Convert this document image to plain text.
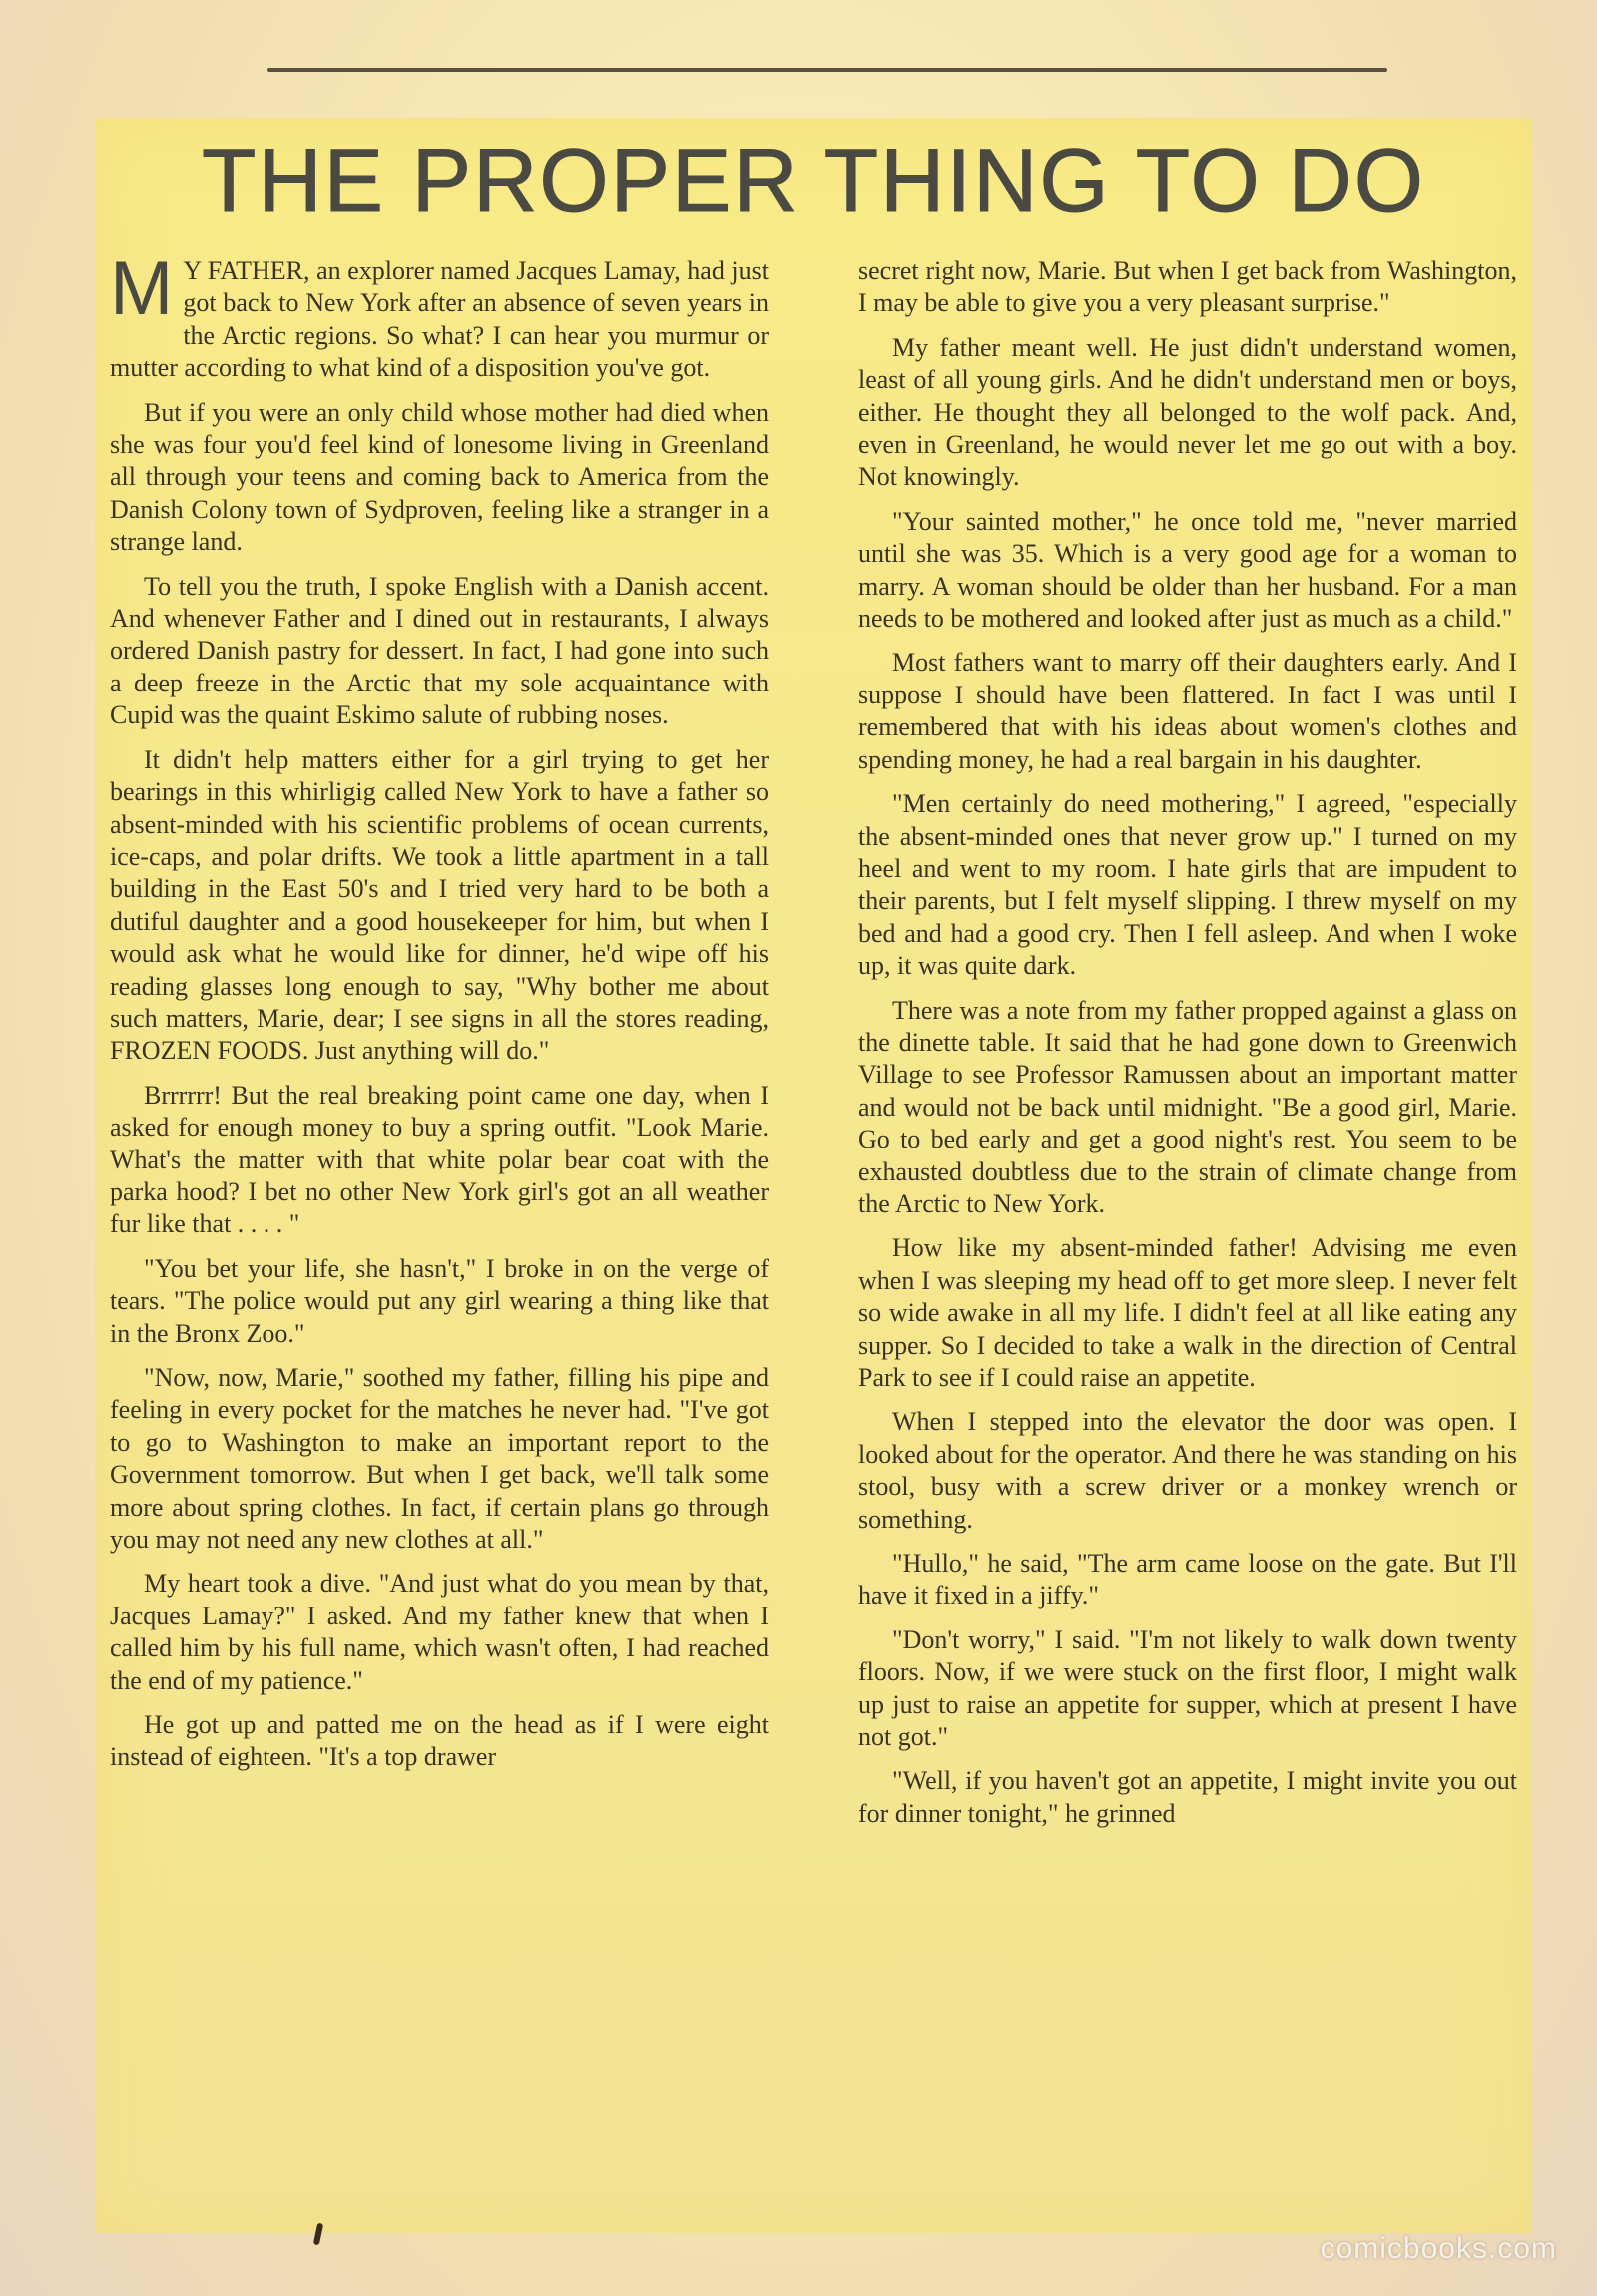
THE PROPER THING TO DO

M Y FATHER, an explorer named Jacques Lamay, had just got back to New York after an absence of seven years in the Arctic regions. So what? I can hear you murmur or mutter according to what kind of a disposition you've got.

But if you were an only child whose mother had died when she was four you'd feel kind of lonesome living in Greenland all through your teens and coming back to America from the Danish Colony town of Sydproven, feeling like a stranger in a strange land.

To tell you the truth, I spoke English with a Danish accent. And whenever Father and I dined out in restaurants, I always ordered Danish pastry for dessert. In fact, I had gone into such a deep freeze in the Arctic that my sole acquaintance with Cupid was the quaint Eskimo salute of rubbing noses.

It didn't help matters either for a girl trying to get her bearings in this whirligig called New York to have a father so absent-minded with his scientific problems of ocean currents, ice-caps, and polar drifts. We took a little apartment in a tall building in the East 50's and I tried very hard to be both a dutiful daughter and a good housekeeper for him, but when I would ask what he would like for dinner, he'd wipe off his reading glasses long enough to say, "Why bother me about such matters, Marie, dear; I see signs in all the stores reading, FROZEN FOODS. Just anything will do."

Brrrrrr! But the real breaking point came one day, when I asked for enough money to buy a spring outfit. "Look Marie. What's the matter with that white polar bear coat with the parka hood? I bet no other New York girl's got an all weather fur like that . . . . "

"You bet your life, she hasn't," I broke in on the verge of tears. "The police would put any girl wearing a thing like that in the Bronx Zoo."

"Now, now, Marie," soothed my father, filling his pipe and feeling in every pocket for the matches he never had. "I've got to go to Washington to make an important report to the Government tomorrow. But when I get back, we'll talk some more about spring clothes. In fact, if certain plans go through you may not need any new clothes at all."

My heart took a dive. "And just what do you mean by that, Jacques Lamay?" I asked. And my father knew that when I called him by his full name, which wasn't often, I had reached the end of my patience."

He got up and patted me on the head as if I were eight instead of eighteen. "It's a top drawer

secret right now, Marie. But when I get back from Washington, I may be able to give you a very pleasant surprise."

My father meant well. He just didn't understand women, least of all young girls. And he didn't understand men or boys, either. He thought they all belonged to the wolf pack. And, even in Greenland, he would never let me go out with a boy. Not knowingly.

"Your sainted mother," he once told me, "never married until she was 35. Which is a very good age for a woman to marry. A woman should be older than her husband. For a man needs to be mothered and looked after just as much as a child."

Most fathers want to marry off their daughters early. And I suppose I should have been flattered. In fact I was until I remembered that with his ideas about women's clothes and spending money, he had a real bargain in his daughter.

"Men certainly do need mothering," I agreed, "especially the absent-minded ones that never grow up." I turned on my heel and went to my room. I hate girls that are impudent to their parents, but I felt myself slipping. I threw myself on my bed and had a good cry. Then I fell asleep. And when I woke up, it was quite dark.

There was a note from my father propped against a glass on the dinette table. It said that he had gone down to Greenwich Village to see Professor Ramussen about an important matter and would not be back until midnight. "Be a good girl, Marie. Go to bed early and get a good night's rest. You seem to be exhausted doubtless due to the strain of climate change from the Arctic to New York.

How like my absent-minded father! Advising me even when I was sleeping my head off to get more sleep. I never felt so wide awake in all my life. I didn't feel at all like eating any supper. So I decided to take a walk in the direction of Central Park to see if I could raise an appetite.

When I stepped into the elevator the door was open. I looked about for the operator. And there he was standing on his stool, busy with a screw driver or a monkey wrench or something.

"Hullo," he said, "The arm came loose on the gate. But I'll have it fixed in a jiffy."

"Don't worry," I said. "I'm not likely to walk down twenty floors. Now, if we were stuck on the first floor, I might walk up just to raise an appetite for supper, which at present I have not got."

"Well, if you haven't got an appetite, I might invite you out for dinner tonight," he grinned

comicbooks.com
